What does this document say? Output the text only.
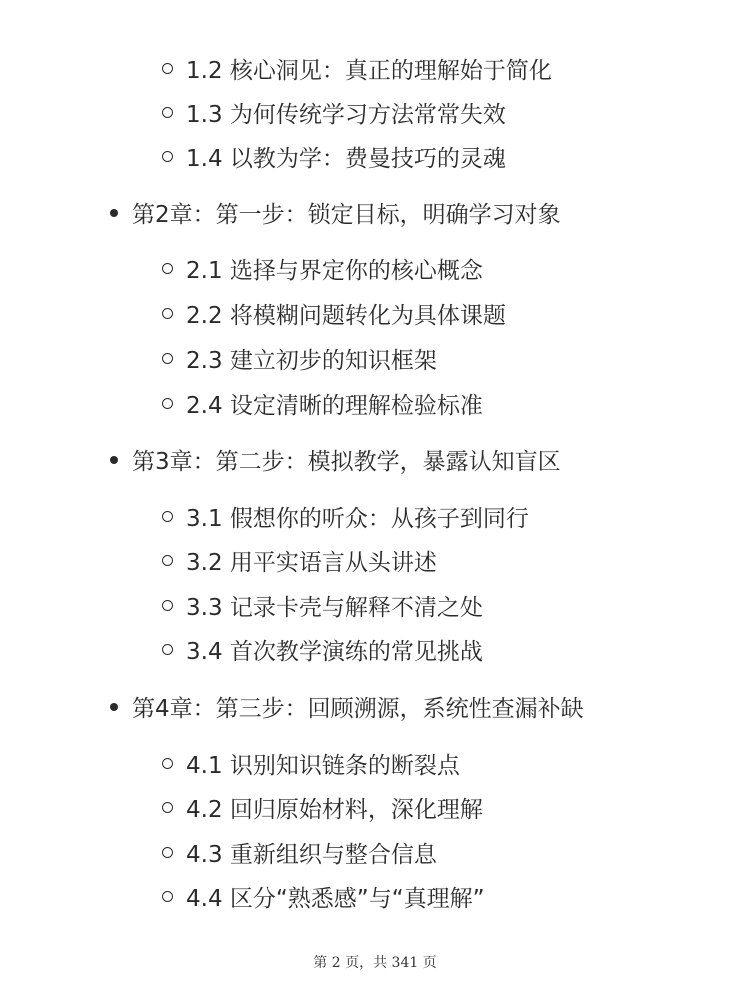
1.2 核心洞见：真正的理解始于简化
1.3 为何传统学习方法常常失效
1.4 以教为学：费曼技巧的灵魂
第2章：第一步：锁定目标，明确学习对象
2.1 选择与界定你的核心概念
2.2 将模糊问题转化为具体课题
2.3 建立初步的知识框架
2.4 设定清晰的理解检验标准
第3章：第二步：模拟教学，暴露认知盲区
3.1 假想你的听众：从孩子到同行
3.2 用平实语言从头讲述
3.3 记录卡壳与解释不清之处
3.4 首次教学演练的常见挑战
第4章：第三步：回顾溯源，系统性查漏补缺
4.1 识别知识链条的断裂点
4.2 回归原始材料，深化理解
4.3 重新组织与整合信息
4.4 区分“熟悉感”与“真理解”
第 2 页，共 341 页
